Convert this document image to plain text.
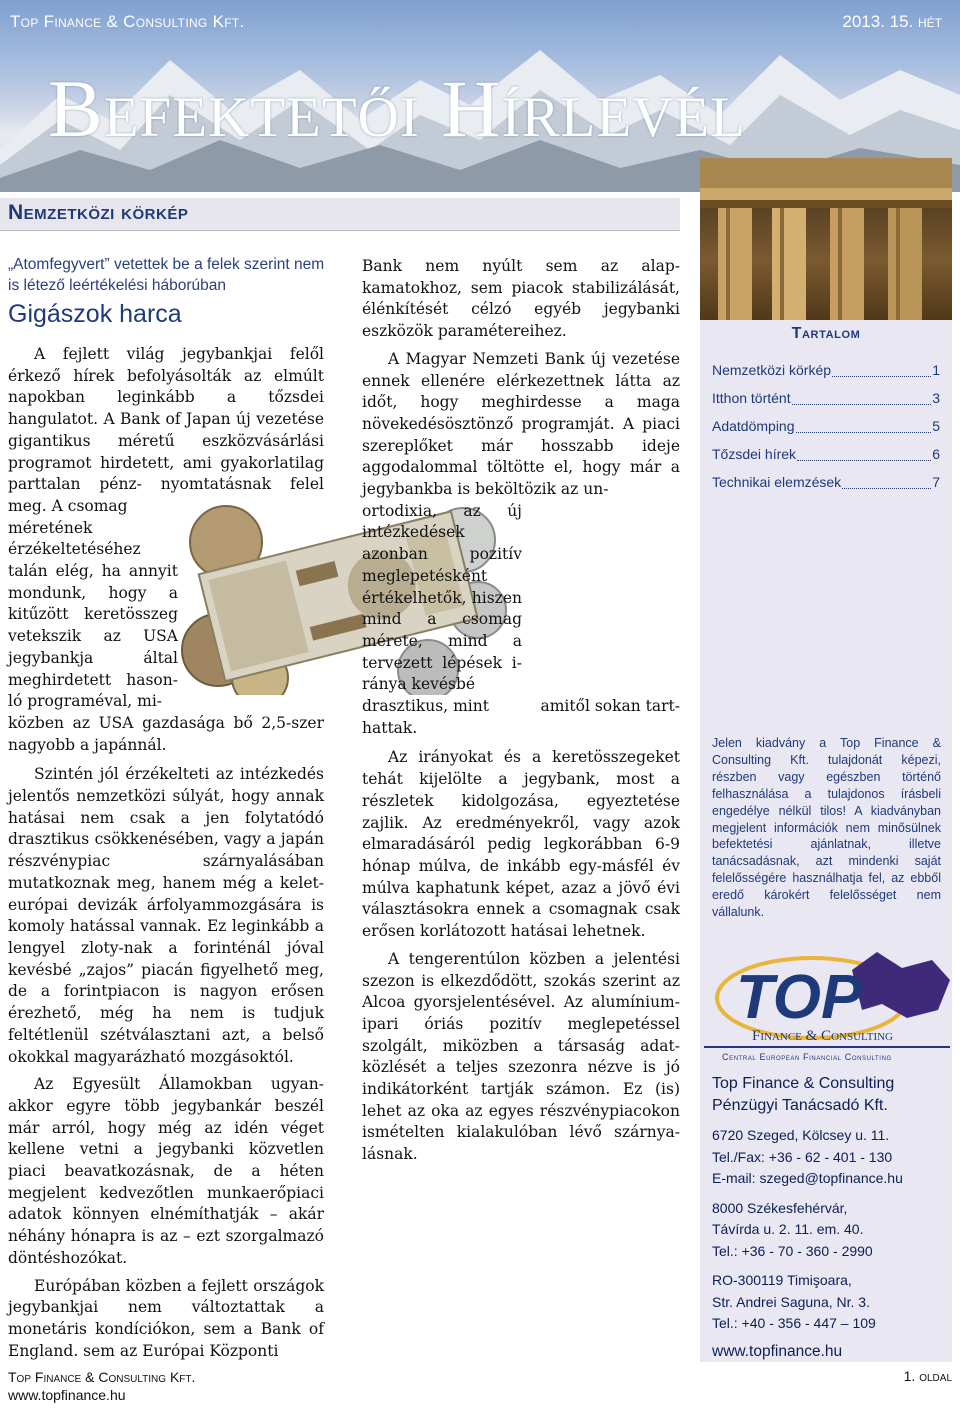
Top Finance & Consulting Kft.	2013. 15. hét
Befektetői Hírlevél
Nemzetközi körkép
„Atomfegyvert” vetettek be a felek szerint nem is létező leértékelési háborúban
Gigászok harca

A fejlett világ jegybankjai felől érkező hírek befolyásolták az elmúlt napokban leginkább a tőzsdei hangulatot. A Bank of Japan új vezetése gigantikus méretű eszközvásárlási programot hirdetett, ami gyakorlatilag parttalan pénz- nyomtatásnak felel meg. A csomag

méretének érzékeltetéséhez talán elég, ha annyit mondunk, hogy a kitűzött keretösszeg vetekszik az USA jegybankja által meghirdetett hason- ló programéval, mi-

közben az USA gazdasága bő 2,5-szer nagyobb a japánnál.

Szintén jól érzékelteti az intézkedés jelentős nemzetközi súlyát, hogy annak hatásai nem csak a jen folytatódó drasztikus csökkenésében, vagy a japán részvénypiac szárnyalásában mutatkoznak meg, hanem még a kelet-európai devizák árfolyammozgására is komoly hatással vannak. Ez leginkább a lengyel zloty-nak a forinténál jóval kevésbé „zajos” piacán figyelhető meg, de a forintpiacon is nagyon erősen érezhető, még ha nem is tudjuk feltétlenül szétválasztani azt, a belső okokkal magyarázható mozgásoktól.

Az Egyesült Államokban ugyan-akkor egyre több jegybankár beszél már arról, hogy még az idén véget kellene vetni a jegybanki közvetlen piaci beavatkozásnak, de a héten megjelent kedvezőtlen munkaerőpiaci adatok könnyen elnémíthatják – akár néhány hónapra is az – ezt szorgalmazó döntéshozókat.

Európában közben a fejlett országok jegybankjai nem változtattak a monetáris kondíciókon, sem a Bank of England. sem az Európai Központi

Bank nem nyúlt sem az alap-kamatokhoz, sem piacok stabilizálását, élénkítését célzó egyéb jegybanki eszközök paramétereihez.

A Magyar Nemzeti Bank új vezetése ennek ellenére elérkezettnek látta az időt, hogy meghirdesse a maga növekedésösztönző programját. A piaci szereplőket már hosszabb ideje aggodalommal töltötte el, hogy már a jegybankba is beköltözik az un-

ortodixia, az új intézkedések azonban pozitív meglepetésként értékelhetők, hiszen mind a csomag mérete, mind a tervezett lépések i- ránya kevésbé

drasztikus, mint	amitől sokan tart-

hattak.

Az irányokat és a keretösszegeket tehát kijelölte a jegybank, most a részletek kidolgozása, egyeztetése zajlik. Az eredményekről, vagy azok elmaradásáról pedig legkorábban 6-9 hónap múlva, de inkább egy-másfél év múlva kaphatunk képet, azaz a jövő évi választásokra ennek a csomagnak csak erősen korlátozott hatásai lehetnek.

A tengerentúlon közben a jelentési szezon is elkezdődött, szokás szerint az Alcoa gyorsjelentésével. Az alumínium-ipari óriás pozitív meglepetéssel szolgált, miközben a társaság adat-közlését a teljes szezonra nézve is jó indikátorként tartják számon. Ez (is) lehet az oka az egyes részvénypiacokon ismételten kialakulóban lévő szárnya-lásnak.

Tartalom
Nemzetközi körkép	1
Itthon történt	3
Adatdömping	5
Tőzsdei hírek	6
Technikai elemzések	7
Jelen kiadvány a Top Finance & Consulting Kft. tulajdonát képezi, részben vagy egészben történő felhasználása a tulajdonos írásbeli engedélye nélkül tilos! A kiadványban megjelent információk nem minősülnek befektetési ajánlatnak, illetve tanácsadásnak, azt mindenki saját felelősségére használhatja fel, az ebből eredő károkért felelősséget nem vállalunk.
TOP
Finance & Consulting
Central European Financial Consulting
Top Finance & Consulting
Pénzügyi Tanácsadó Kft.
6720 Szeged, Kölcsey u. 11.
Tel./Fax: +36 - 62 - 401 - 130
E-mail: szeged@topfinance.hu
8000 Székesfehérvár,
Távírda u. 2. 11. em. 40.
Tel.: +36 - 70 - 360 - 2990
RO-300119 Timişoara,
Str. Andrei Saguna, Nr. 3.
Tel.: +40 - 356 - 447 – 109
www.topfinance.hu
Top Finance & Consulting Kft.
www.topfinance.hu
1. oldal
